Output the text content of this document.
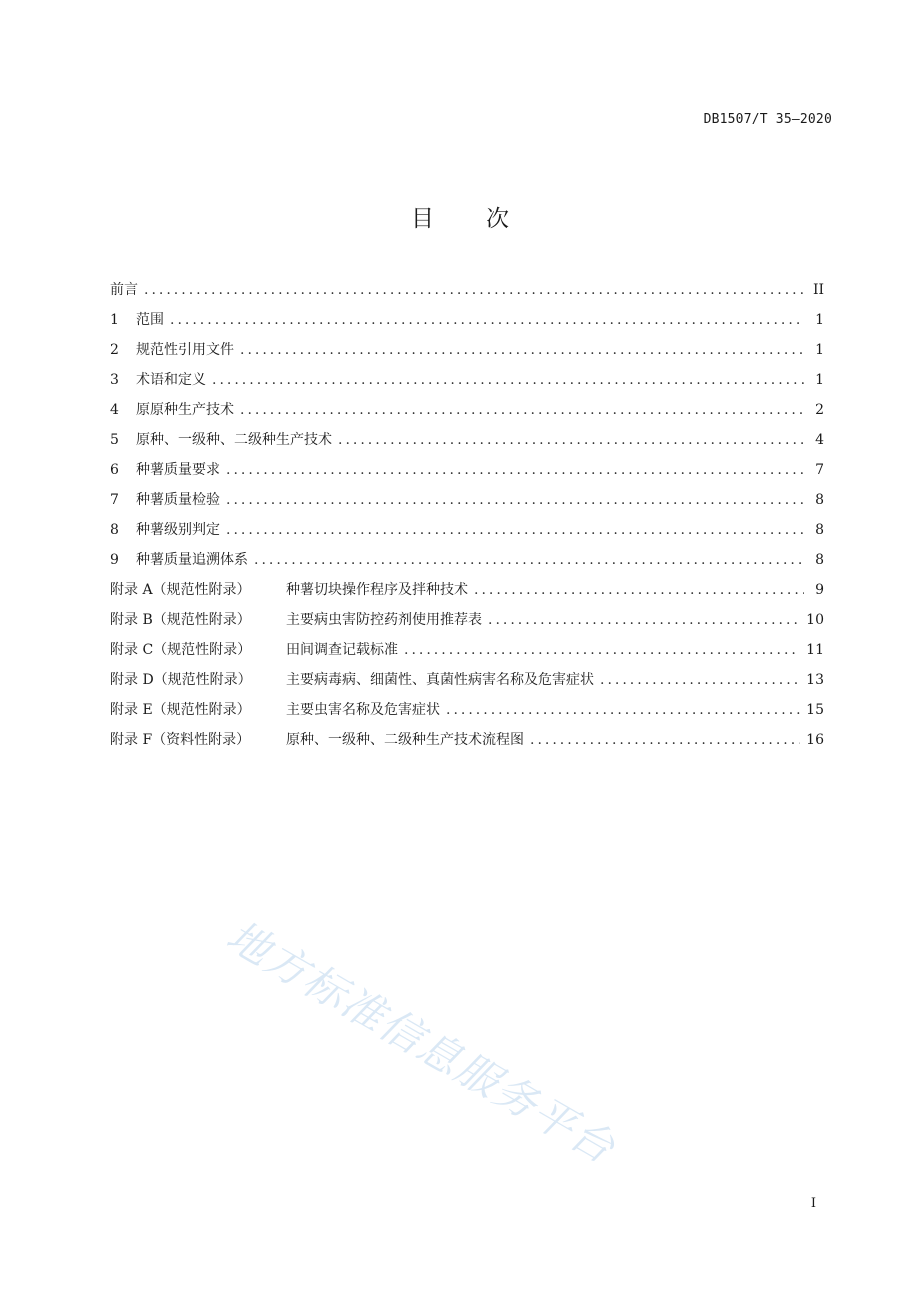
DB1507/T 35—2020
目 次
前言 .....	II
1	范围 .....	1
2	规范性引用文件 .....	1
3	术语和定义 .....	1
4	原原种生产技术 .....	2
5	原种、一级种、二级种生产技术 .....	4
6	种薯质量要求 .....	7
7	种薯质量检验 .....	8
8	种薯级别判定 .....	8
9	种薯质量追溯体系 .....	8
附录 A（规范性附录）	种薯切块操作程序及拌种技术 .....	9
附录 B（规范性附录）	主要病虫害防控药剂使用推荐表 .....	10
附录 C（规范性附录）	田间调查记载标准 .....	11
附录 D（规范性附录）	主要病毒病、细菌性、真菌性病害名称及危害症状 .....	13
附录 E（规范性附录）	主要虫害名称及危害症状 .....	15
附录 F（资料性附录）	原种、一级种、二级种生产技术流程图 .....	16
地方标准信息服务平台
I
